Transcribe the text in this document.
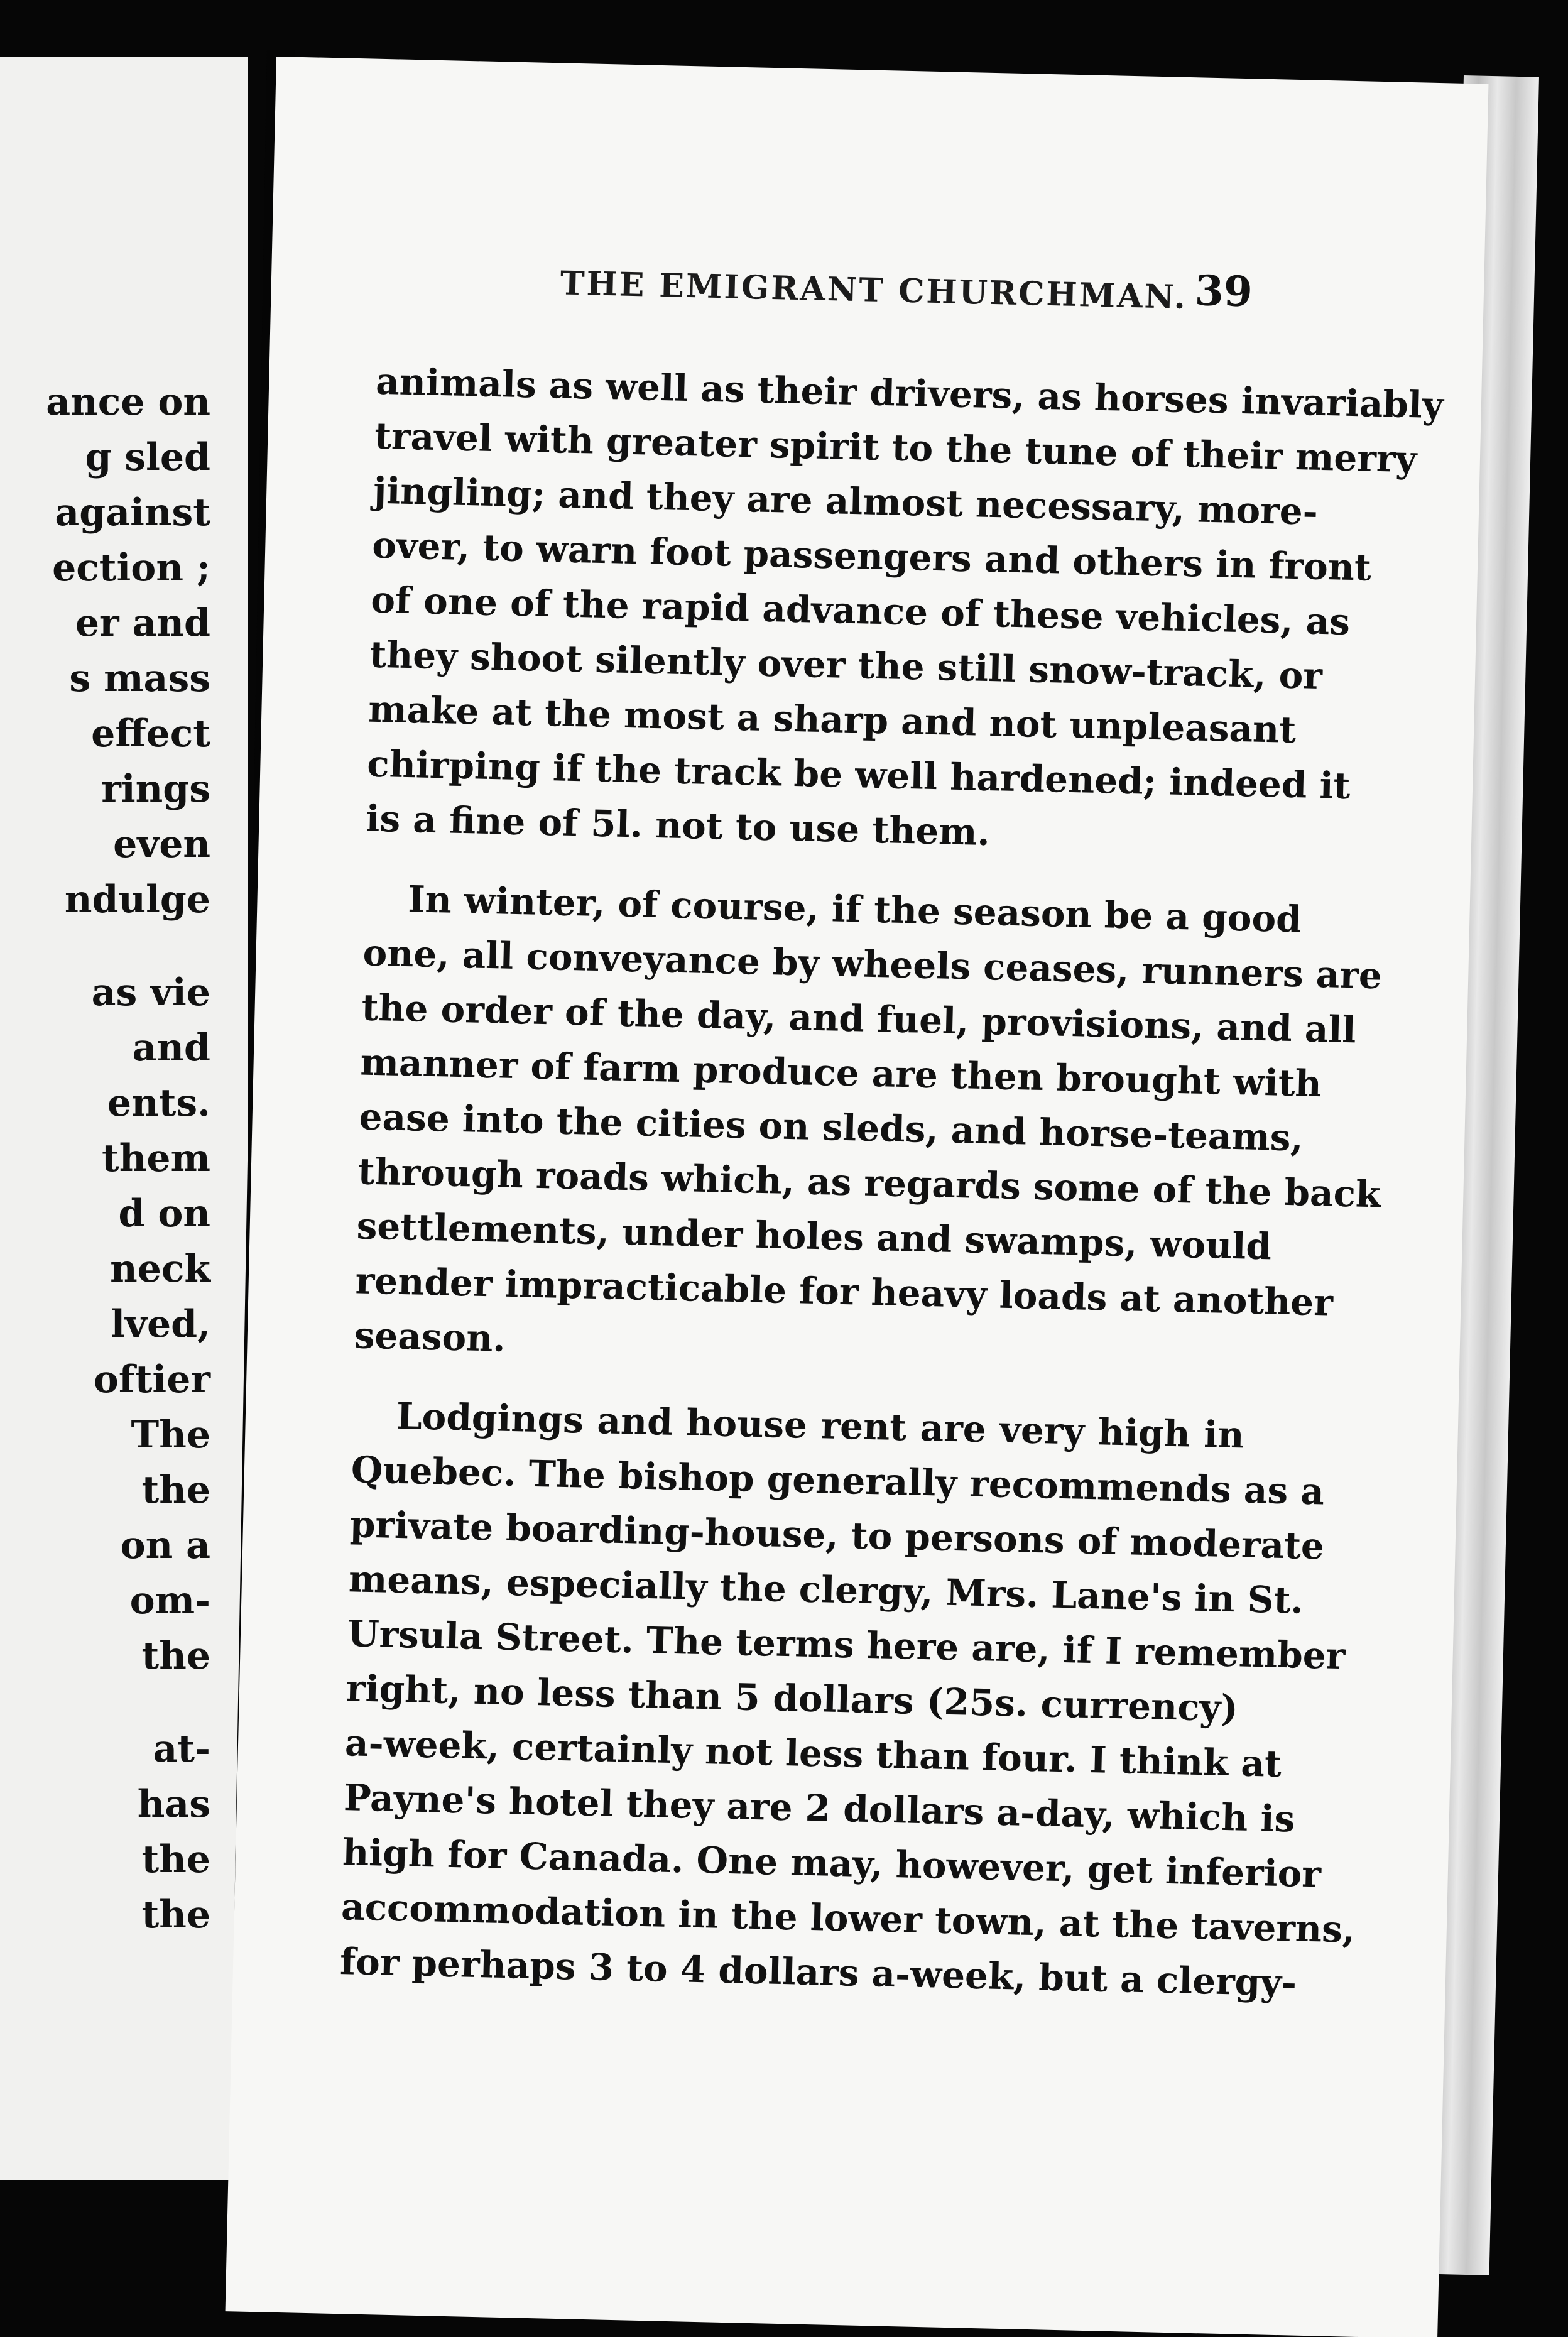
ance on
g sled
against
ection ;
er and
s mass
effect
rings
even
ndulge
as vie
and
ents.
them
d on
neck
lved,
oftier
The
the
on a
om-
the
at-
has
the
the
THE EMIGRANT CHURCHMAN. 39
animals as well as their drivers, as horses invariably
travel with greater spirit to the tune of their merry
jingling; and they are almost necessary, more-
over, to warn foot passengers and others in front
of one of the rapid advance of these vehicles, as
they shoot silently over the still snow-track, or
make at the most a sharp and not unpleasant
chirping if the track be well hardened; indeed it
is a fine of 5l. not to use them.
In winter, of course, if the season be a good
one, all conveyance by wheels ceases, runners are
the order of the day, and fuel, provisions, and all
manner of farm produce are then brought with
ease into the cities on sleds, and horse-teams,
through roads which, as regards some of the back
settlements, under holes and swamps, would
render impracticable for heavy loads at another
season.
Lodgings and house rent are very high in
Quebec. The bishop generally recommends as a
private boarding-house, to persons of moderate
means, especially the clergy, Mrs. Lane's in St.
Ursula Street. The terms here are, if I remember
right, no less than 5 dollars (25s. currency)
a-week, certainly not less than four. I think at
Payne's hotel they are 2 dollars a-day, which is
high for Canada. One may, however, get inferior
accommodation in the lower town, at the taverns,
for perhaps 3 to 4 dollars a-week, but a clergy-
